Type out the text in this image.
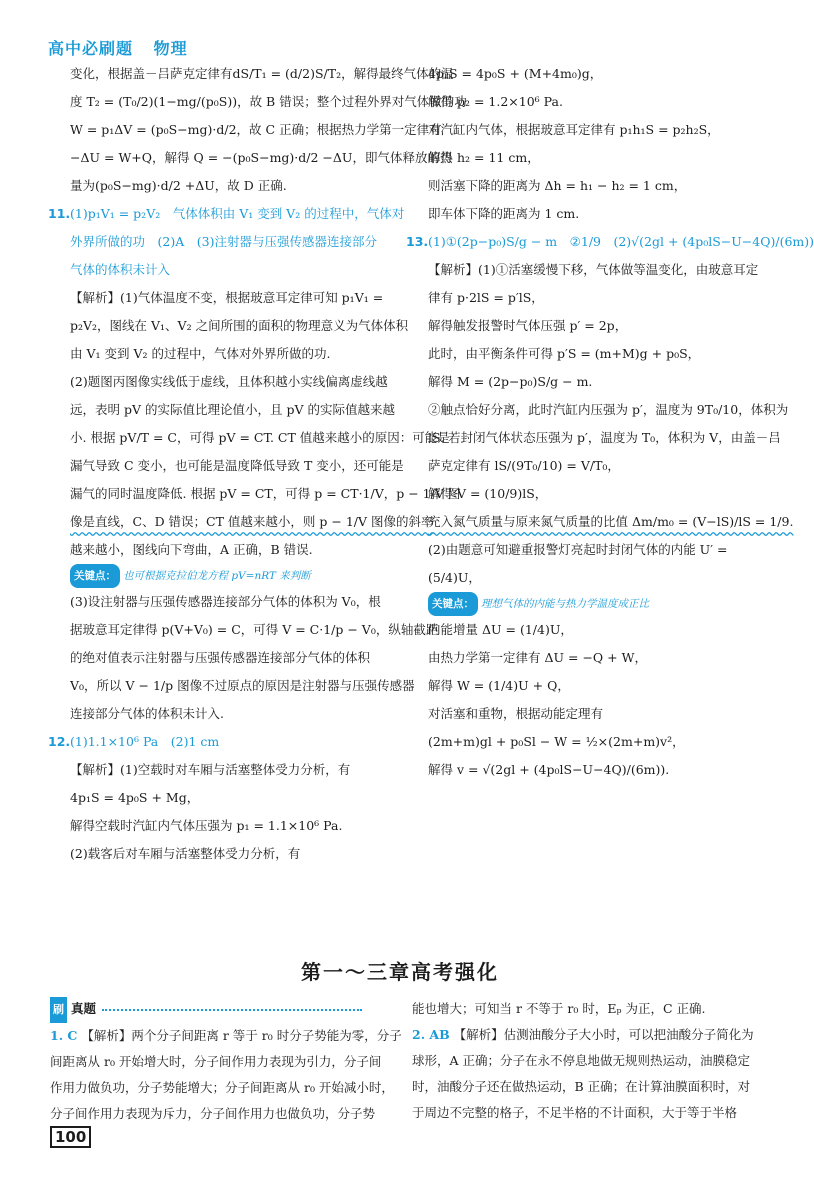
高中必刷题 物理
变化，根据盖－吕萨克定律有dS/T₁ = (d/2)S/T₂，解得最终气体的温
度 T₂ = (T₀/2)(1−mg/(p₀S))，故 B 错误；整个过程外界对气体做的功
W = p₁ΔV = (p₀S−mg)·d/2，故 C 正确；根据热力学第一定律有
−ΔU = W+Q，解得 Q = −(p₀S−mg)·d/2 −ΔU，即气体释放的热
量为(p₀S−mg)·d/2 +ΔU，故 D 正确.
11.(1)p₁V₁ = p₂V₂　气体体积由 V₁ 变到 V₂ 的过程中，气体对
外界所做的功　(2)A　(3)注射器与压强传感器连接部分
气体的体积未计入
【解析】(1)气体温度不变，根据玻意耳定律可知 p₁V₁ =
p₂V₂，图线在 V₁、V₂ 之间所围的面积的物理意义为气体体积
由 V₁ 变到 V₂ 的过程中，气体对外界所做的功.
(2)题图丙图像实线低于虚线，且体积越小实线偏离虚线越
远，表明 pV 的实际值比理论值小，且 pV 的实际值越来越
小. 根据 pV/T = C，可得 pV = CT. CT 值越来越小的原因：可能是
漏气导致 C 变小，也可能是温度降低导致 T 变小，还可能是
漏气的同时温度降低. 根据 pV = CT，可得 p = CT·1/V，p − 1/V 图
像是直线，C、D 错误；CT 值越来越小，则 p − 1/V 图像的斜率
越来越小，图线向下弯曲，A 正确，B 错误.
关键点： 也可根据克拉伯龙方程 pV=nRT 来判断
(3)设注射器与压强传感器连接部分气体的体积为 V₀，根
据玻意耳定律得 p(V+V₀) = C，可得 V = C·1/p − V₀，纵轴截距
的绝对值表示注射器与压强传感器连接部分气体的体积
V₀，所以 V − 1/p 图像不过原点的原因是注射器与压强传感器
连接部分气体的体积未计入.
12.(1)1.1×10⁶ Pa　(2)1 cm
【解析】(1)空载时对车厢与活塞整体受力分析，有
4p₁S = 4p₀S + Mg，
解得空载时汽缸内气体压强为 p₁ = 1.1×10⁶ Pa.
(2)载客后对车厢与活塞整体受力分析，有
4p₂S = 4p₀S + (M+4m₀)g，
解得 p₂ = 1.2×10⁶ Pa.
对汽缸内气体，根据玻意耳定律有 p₁h₁S = p₂h₂S，
解得 h₂ = 11 cm，
则活塞下降的距离为 Δh = h₁ − h₂ = 1 cm，
即车体下降的距离为 1 cm.
13.(1)①(2p−p₀)S/g − m　②1/9　(2)√(2gl + (4p₀lS−U−4Q)/(6m))
【解析】(1)①活塞缓慢下移，气体做等温变化，由玻意耳定
律有 p·2lS = p′lS，
解得触发报警时气体压强 p′ = 2p，
此时，由平衡条件可得 p′S = (m+M)g + p₀S，
解得 M = (2p−p₀)S/g − m.
②触点恰好分离，此时汽缸内压强为 p′，温度为 9T₀/10，体积为
lS. 若封闭气体状态压强为 p′，温度为 T₀，体积为 V，由盖－吕
萨克定律有 lS/(9T₀/10) = V/T₀，
解得 V = (10/9)lS，
充入氮气质量与原来氮气质量的比值 Δm/m₀ = (V−lS)/lS = 1/9.
(2)由题意可知避重报警灯亮起时封闭气体的内能 U′ =
(5/4)U，
关键点： 理想气体的内能与热力学温度成正比
内能增量 ΔU = (1/4)U，
由热力学第一定律有 ΔU = −Q + W，
解得 W = (1/4)U + Q，
对活塞和重物，根据动能定理有
(2m+m)gl + p₀Sl − W = ½×(2m+m)v²，
解得 v = √(2gl + (4p₀lS−U−4Q)/(6m)).
第一～三章高考强化
刷 真题
1. C 【解析】两个分子间距离 r 等于 r₀ 时分子势能为零，分子
间距离从 r₀ 开始增大时，分子间作用力表现为引力，分子间
作用力做负功，分子势能增大；分子间距离从 r₀ 开始减小时，
分子间作用力表现为斥力，分子间作用力也做负功，分子势
能也增大；可知当 r 不等于 r₀ 时，Eₚ 为正，C 正确.
2. AB 【解析】估测油酸分子大小时，可以把油酸分子简化为
球形，A 正确；分子在永不停息地做无规则热运动，油膜稳定
时，油酸分子还在做热运动，B 正确；在计算油膜面积时，对
于周边不完整的格子，不足半格的不计面积，大于等于半格
100
